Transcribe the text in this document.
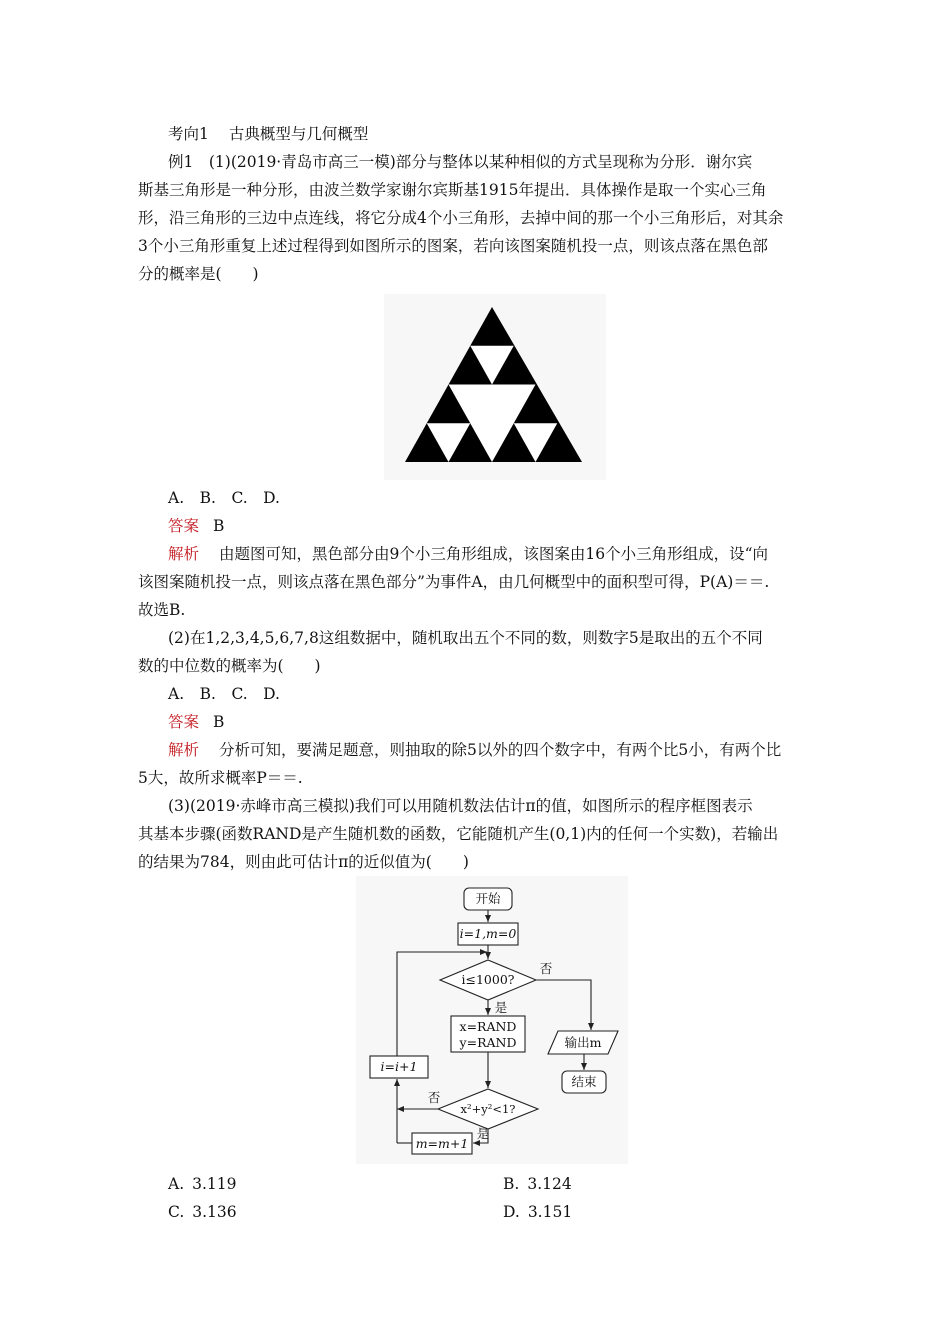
考向1 古典概型与几何概型
例1　(1)(2019·青岛市高三一模)部分与整体以某种相似的方式呈现称为分形．谢尔宾
斯基三角形是一种分形，由波兰数学家谢尔宾斯基1915年提出．具体操作是取一个实心三角
形，沿三角形的三边中点连线，将它分成4个小三角形，去掉中间的那一个小三角形后，对其余
3个小三角形重复上述过程得到如图所示的图案，若向该图案随机投一点，则该点落在黑色部
分的概率是(　　)
A.　B.　C.　D.
答案 B
解析 由题图可知，黑色部分由9个小三角形组成，该图案由16个小三角形组成，设“向
该图案随机投一点，则该点落在黑色部分”为事件A，由几何概型中的面积型可得，P(A)＝＝.
故选B.
(2)在1,2,3,4,5,6,7,8这组数据中，随机取出五个不同的数，则数字5是取出的五个不同
数的中位数的概率为(　　)
A.　B.　C.　D.
答案 B
解析 分析可知，要满足题意，则抽取的除5以外的四个数字中，有两个比5小，有两个比
5大，故所求概率P＝＝.
(3)(2019·赤峰市高三模拟)我们可以用随机数法估计π的值，如图所示的程序框图表示
其基本步骤(函数RAND是产生随机数的函数，它能随机产生(0,1)内的任何一个实数)，若输出
的结果为784，则由此可估计π的近似值为(　　)
开始
i=1,m=0
i≤1000?
否
是
x=RAND
y=RAND	输出m
结束
i=i+1
x²+y²<1?
否
是
m=m+1
A. 3.119	B. 3.124
C. 3.136	D. 3.151
